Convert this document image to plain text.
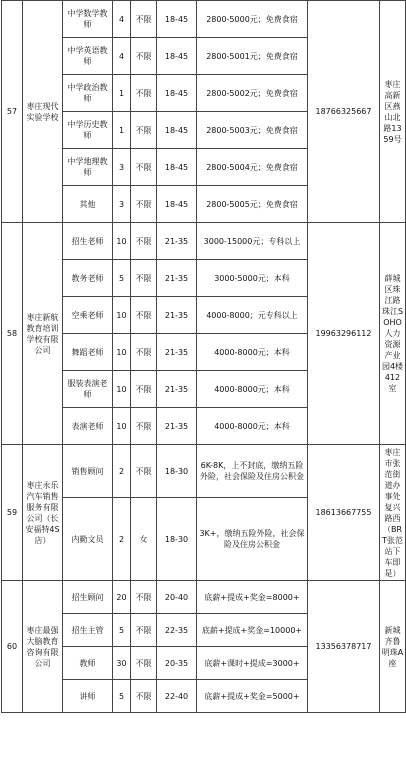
57	枣庄现代实验学校	中学数学教师	4	不限	18-45	2800-5000元；免费食宿	18766325667	枣庄高新区燕山北路1359号
		中学英语教师	4	不限	18-45	2800-5001元；免费食宿		
		中学政治教师	1	不限	18-45	2800-5002元；免费食宿		
		中学历史教师	1	不限	18-45	2800-5003元；免费食宿		
		中学地理教师	3	不限	18-45	2800-5004元；免费食宿		
		其他	3	不限	18-45	2800-5005元；免费食宿		
58	枣庄新航教育培训学校有限公司	招生老师	10	不限	21-35	3000-15000元；专科以上	19963296112	薛城区珠江路珠江SOHO人力资源产业园4楼412室
		教务老师	5	不限	21-35	3000-5000元；本科		
		空乘老师	10	不限	21-35	4000-8000；元专科以上		
		舞蹈老师	10	不限	21-35	4000-8000元；本科		
		服装表演老师	10	不限	21-35	4000-8000元；本科		
		表演老师	10	不限	21-35	4000-8000元；本科		
59	枣庄永乐汽车销售服务有限公司（长安福特4S店）	销售顾问	2	不限	18-30	6K-8K，上不封底，缴纳五险外险，社会保险及住房公积金	18613667755	枣庄市张范街道办事处复兴路西（BRT张范站下车即是）
		内勤文员	2	女	18-30	3K+，缴纳五险外险，社会保险及住房公积金		
60	枣庄最强大脑教育咨询有限公司	招生顾问	20	不限	20-40	底薪+提成+奖金=8000+	13356378717	新城齐鲁明珠A座
		招生主管	5	不限	22-35	底薪+提成+奖金=10000+		
		教师	30	不限	20-35	底薪+课时+提成=3000+		
		讲师	5	不限	22-40	底薪+提成+奖金=5000+		
